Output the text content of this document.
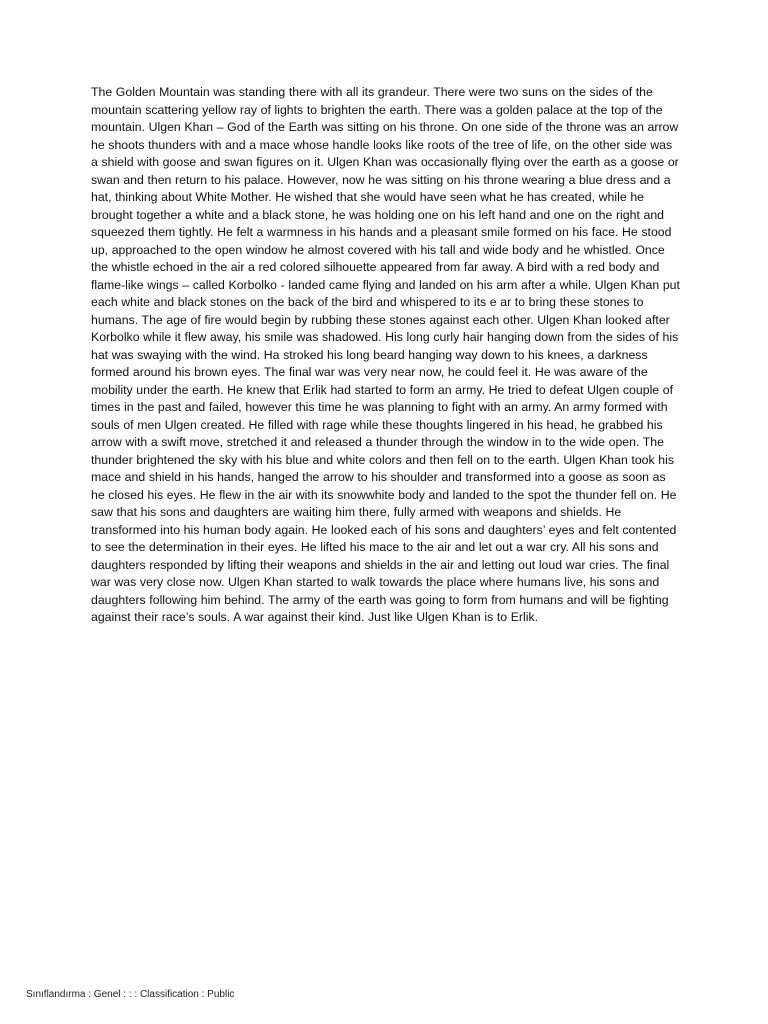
The Golden Mountain was standing there with all its grandeur. There were two suns on the sides of the mountain scattering yellow ray of lights to brighten the earth. There was a golden palace at the top of the mountain. Ulgen Khan – God of the Earth was sitting on his throne. On one side of the throne was an arrow he shoots thunders with and a mace whose handle looks like roots of the tree of life, on the other side was a shield with goose and swan figures on it. Ulgen Khan was occasionally flying over the earth as a goose or swan and then return to his palace. However, now he was sitting on his throne wearing a blue dress and a hat, thinking about White Mother. He wished that she would have seen what he has created, while he brought together a white and a black stone, he was holding one on his left hand and one on the right and squeezed them tightly. He felt a warmness in his hands and a pleasant smile formed on his face. He stood up, approached to the open window he almost covered with his tall and wide body and he whistled. Once the whistle echoed in the air a red colored silhouette appeared from far away. A bird with a red body and flame-like wings – called Korbolko - landed came flying and landed on his arm after a while. Ulgen Khan put each white and black stones on the back of the bird and whispered to its e ar to bring these stones to humans. The age of fire would begin by rubbing these stones against each other. Ulgen Khan looked after Korbolko while it flew away, his smile was shadowed. His long curly hair hanging down from the sides of his hat was swaying with the wind. Ha stroked his long beard hanging way down to his knees, a darkness formed around his brown eyes. The final war was very near now, he could feel it. He was aware of the mobility under the earth. He knew that Erlik had started to form an army. He tried to defeat Ulgen couple of times in the past and failed, however this time he was planning to fight with an army. An army formed with souls of men Ulgen created. He filled with rage while these thoughts lingered in his head, he grabbed his arrow with a swift move, stretched it and released a thunder through the window in to the wide open. The thunder brightened the sky with his blue and white colors and then fell on to the earth. Ulgen Khan took his mace and shield in his hands, hanged the arrow to his shoulder and transformed into a goose as soon as he closed his eyes. He flew in the air with its snowwhite body and landed to the spot the thunder fell on. He saw that his sons and daughters are waiting him there, fully armed with weapons and shields. He transformed into his human body again. He looked each of his sons and daughters’ eyes and felt contented to see the determination in their eyes. He lifted his mace to the air and let out a war cry. All his sons and daughters responded by lifting their weapons and shields in the air and letting out loud war cries. The final war was very close now. Ulgen Khan started to walk towards the place where humans live, his sons and daughters following him behind. The army of the earth was going to form from humans and will be fighting against their race’s souls. A war against their kind. Just like Ulgen Khan is to Erlik.

Sınıflandırma : Genel : : : Classification : Public
